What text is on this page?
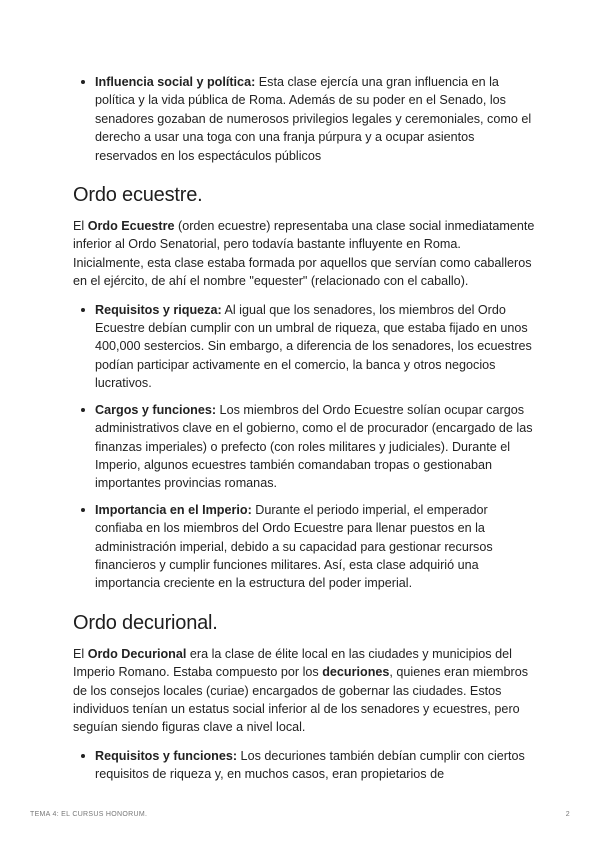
Influencia social y política: Esta clase ejercía una gran influencia en la política y la vida pública de Roma. Además de su poder en el Senado, los senadores gozaban de numerosos privilegios legales y ceremoniales, como el derecho a usar una toga con una franja púrpura y a ocupar asientos reservados en los espectáculos públicos
Ordo ecuestre.

El Ordo Ecuestre (orden ecuestre) representaba una clase social inmediatamente inferior al Ordo Senatorial, pero todavía bastante influyente en Roma. Inicialmente, esta clase estaba formada por aquellos que servían como caballeros en el ejército, de ahí el nombre "equester" (relacionado con el caballo).

Requisitos y riqueza: Al igual que los senadores, los miembros del Ordo Ecuestre debían cumplir con un umbral de riqueza, que estaba fijado en unos 400,000 sestercios. Sin embargo, a diferencia de los senadores, los ecuestres podían participar activamente en el comercio, la banca y otros negocios lucrativos.
Cargos y funciones: Los miembros del Ordo Ecuestre solían ocupar cargos administrativos clave en el gobierno, como el de procurador (encargado de las finanzas imperiales) o prefecto (con roles militares y judiciales). Durante el Imperio, algunos ecuestres también comandaban tropas o gestionaban importantes provincias romanas.
Importancia en el Imperio: Durante el periodo imperial, el emperador confiaba en los miembros del Ordo Ecuestre para llenar puestos en la administración imperial, debido a su capacidad para gestionar recursos financieros y cumplir funciones militares. Así, esta clase adquirió una importancia creciente en la estructura del poder imperial.
Ordo decurional.

El Ordo Decurional era la clase de élite local en las ciudades y municipios del Imperio Romano. Estaba compuesto por los decuriones, quienes eran miembros de los consejos locales (curiae) encargados de gobernar las ciudades. Estos individuos tenían un estatus social inferior al de los senadores y ecuestres, pero seguían siendo figuras clave a nivel local.

Requisitos y funciones: Los decuriones también debían cumplir con ciertos requisitos de riqueza y, en muchos casos, eran propietarios de
TEMA 4: EL CURSUS HONORUM.	2
